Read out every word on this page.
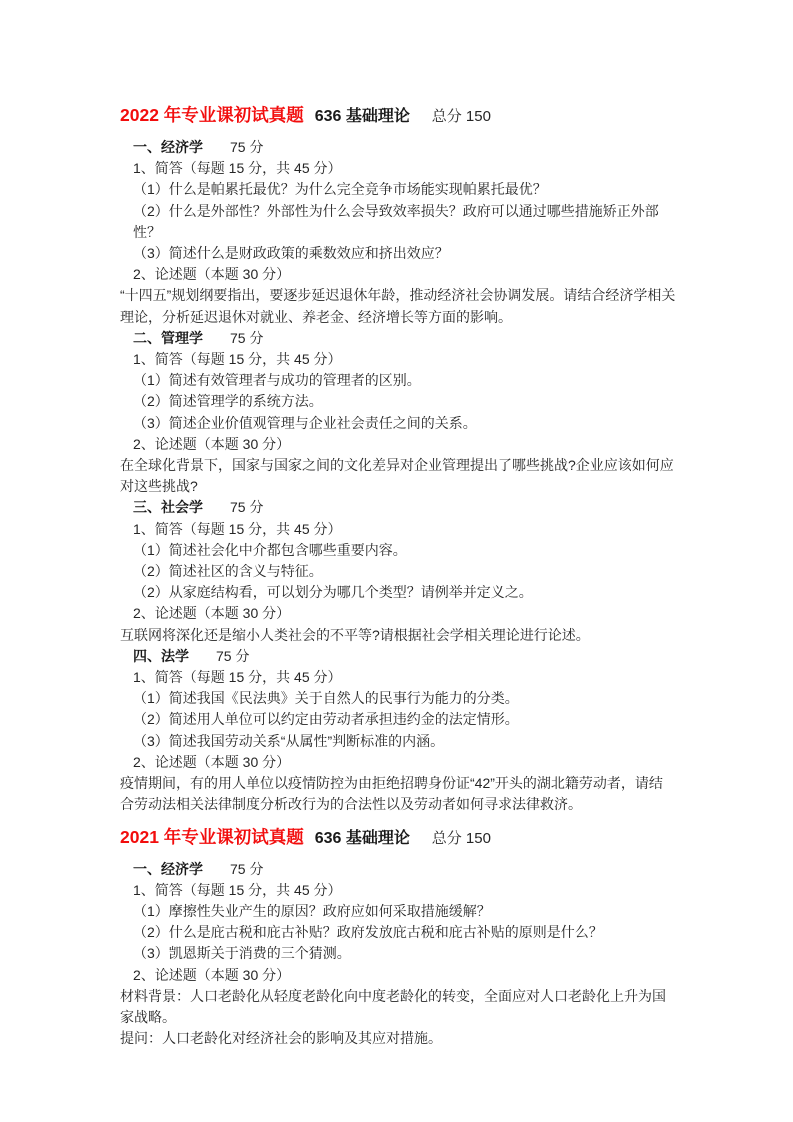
2022 年专业课初试真题 636 基础理论 总分 150
一、经济学 75 分
1、简答（每题 15 分，共 45 分）
（1）什么是帕累托最优？为什么完全竞争市场能实现帕累托最优？
（2）什么是外部性？外部性为什么会导致效率损失？政府可以通过哪些措施矫正外部性？
（3）简述什么是财政政策的乘数效应和挤出效应？
2、论述题（本题 30 分）
“十四五”规划纲要指出，要逐步延迟退休年龄，推动经济社会协调发展。请结合经济学相关理论，分析延迟退休对就业、养老金、经济增长等方面的影响。
二、管理学 75 分
1、简答（每题 15 分，共 45 分）
（1）简述有效管理者与成功的管理者的区别。
（2）简述管理学的系统方法。
（3）简述企业价值观管理与企业社会责任之间的关系。
2、论述题（本题 30 分）
在全球化背景下，国家与国家之间的文化差异对企业管理提出了哪些挑战?企业应该如何应对这些挑战?
三、社会学 75 分
1、简答（每题 15 分，共 45 分）
（1）简述社会化中介都包含哪些重要内容。
（2）简述社区的含义与特征。
（2）从家庭结构看，可以划分为哪几个类型？请例举并定义之。
2、论述题（本题 30 分）
互联网将深化还是缩小人类社会的不平等?请根据社会学相关理论进行论述。
四、法学 75 分
1、简答（每题 15 分，共 45 分）
（1）简述我国《民法典》关于自然人的民事行为能力的分类。
（2）简述用人单位可以约定由劳动者承担违约金的法定情形。
（3）简述我国劳动关系“从属性”判断标准的内涵。
2、论述题（本题 30 分）
疫情期间，有的用人单位以疫情防控为由拒绝招聘身份证“42”开头的湖北籍劳动者，请结合劳动法相关法律制度分析改行为的合法性以及劳动者如何寻求法律救济。
2021 年专业课初试真题 636 基础理论 总分 150
一、经济学 75 分
1、简答（每题 15 分，共 45 分）
（1）摩擦性失业产生的原因？政府应如何采取措施缓解？
（2）什么是庇古税和庇古补贴？政府发放庇古税和庇古补贴的原则是什么？
（3）凯恩斯关于消费的三个猜测。
2、论述题（本题 30 分）
材料背景：人口老龄化从轻度老龄化向中度老龄化的转变，全面应对人口老龄化上升为国家战略。
提问：人口老龄化对经济社会的影响及其应对措施。
